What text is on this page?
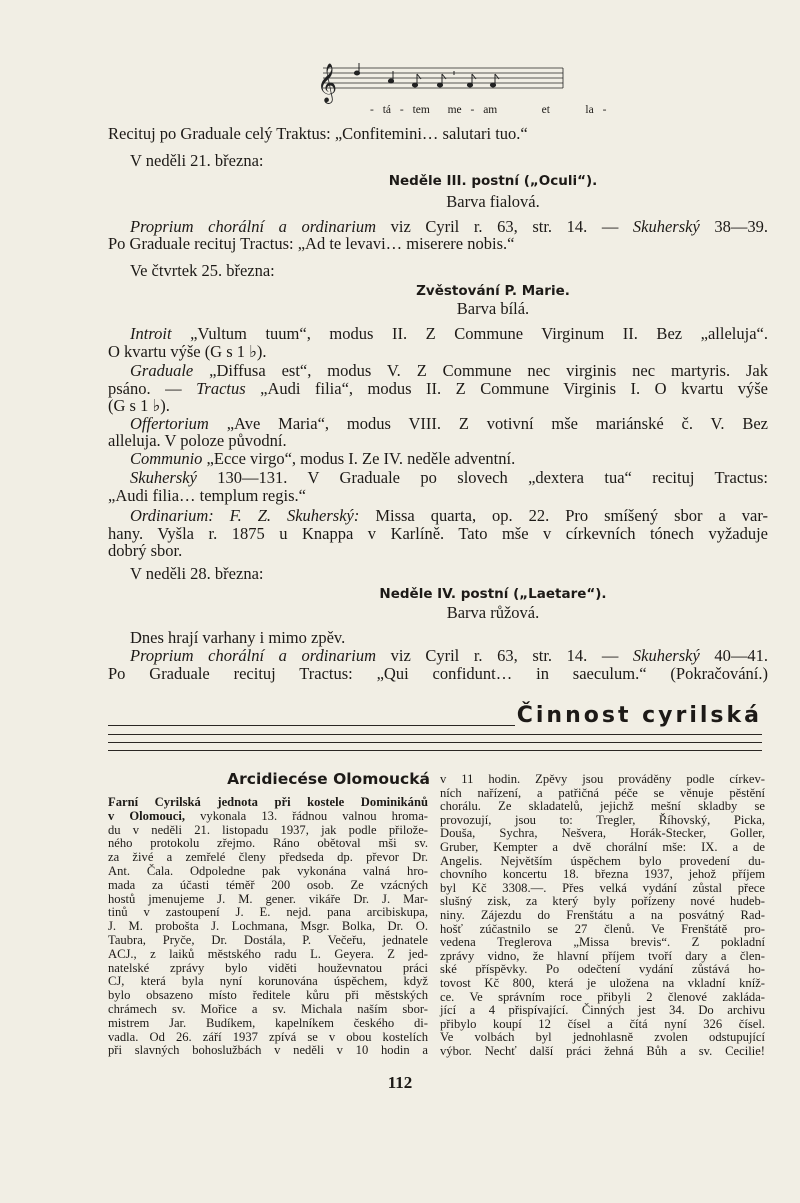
𝄞
- tá - tem  me - am     et    la -
Recituj po Graduale celý Traktus: „Confitemini… salutari tuo.“
V neděli 21. března:
Neděle III. postní („Oculi“).
Barva fialová.
Proprium chorální a ordinarium viz Cyril r. 63, str. 14. — Skuherský 38—39.
Po Graduale recituj Tractus: „Ad te levavi… miserere nobis.“
Ve čtvrtek 25. března:
Zvěstování P. Marie.
Barva bílá.
Introit „Vultum tuum“, modus II. Z Commune Virginum II. Bez „alleluja“.
O kvartu výše (G s 1 ♭).
Graduale „Diffusa est“, modus V. Z Commune nec virginis nec martyris. Jak
psáno. — Tractus „Audi filia“, modus II. Z Commune Virginis I. O kvartu výše
(G s 1 ♭).
Offertorium „Ave Maria“, modus VIII. Z votivní mše mariánské č. V. Bez
alleluja. V poloze původní.
Communio „Ecce virgo“, modus I. Ze IV. neděle adventní.
Skuherský 130—131. V Graduale po slovech „dextera tua“ recituj Tractus:
„Audi filia… templum regis.“
Ordinarium: F. Z. Skuherský: Missa quarta, op. 22. Pro smíšený sbor a var-
hany. Vyšla r. 1875 u Knappa v Karlíně. Tato mše v církevních tónech vyžaduje
dobrý sbor.
V neděli 28. března:
Neděle IV. postní („Laetare“).
Barva růžová.
Dnes hrají varhany i mimo zpěv.
Proprium chorální a ordinarium viz Cyril r. 63, str. 14. — Skuherský 40—41.
Po Graduale recituj Tractus: „Qui confidunt… in saeculum.“ (Pokračování.)
Činnost cyrilská
Arcidiecése Olomoucká
Farní Cyrilská jednota při kostele Dominikánů
v Olomouci, vykonala 13. řádnou valnou hroma-
du v neděli 21. listopadu 1937, jak podle přilože-
ného protokolu zřejmo. Ráno obětoval mši sv.
za živé a zemřelé členy předseda dp. převor Dr.
Ant. Čala. Odpoledne pak vykonána valná hro-
mada za účasti téměř 200 osob. Ze vzácných
hostů jmenujeme J. M. gener. vikáře Dr. J. Mar-
tinů v zastoupení J. E. nejd. pana arcibiskupa,
J. M. probošta J. Lochmana, Msgr. Bolka, Dr. O.
Taubra, Pryče, Dr. Dostála, P. Večeřu, jednatele
ACJ., z laiků městského radu L. Geyera. Z jed-
natelské zprávy bylo viděti houževnatou práci
CJ, která byla nyní korunována úspěchem, když
bylo obsazeno místo ředitele kůru při městských
chrámech sv. Mořice a sv. Michala naším sbor-
mistrem Jar. Budíkem, kapelníkem českého di-
vadla. Od 26. září 1937 zpívá se v obou kostelích
při slavných bohoslužbách v neděli v 10 hodin a
v 11 hodin. Zpěvy jsou prováděny podle církev-
ních nařízení, a patřičná péče se věnuje pěstění
chorálu. Ze skladatelů, jejichž mešní skladby se
provozují, jsou to: Tregler, Říhovský, Picka,
Douša, Sychra, Nešvera, Horák-Stecker, Goller,
Gruber, Kempter a dvě chorální mše: IX. a de
Angelis. Největším úspěchem bylo provedení du-
chovního koncertu 18. března 1937, jehož příjem
byl Kč 3308.—. Přes velká vydání zůstal přece
slušný zisk, za který byly pořízeny nové hudeb-
niny. Zájezdu do Frenštátu a na posvátný Rad-
hošť zúčastnilo se 27 členů. Ve Frenštátě pro-
vedena Treglerova „Missa brevis“. Z pokladní
zprávy vidno, že hlavní příjem tvoří dary a člen-
ské příspěvky. Po odečtení vydání zůstává ho-
tovost Kč 800, která je uložena na vkladní kníž-
ce. Ve správním roce přibyli 2 členové zakláda-
jící a 4 přispívající. Činných jest 34. Do archivu
přibylo koupí 12 čísel a čítá nyní 326 čísel.
Ve volbách byl jednohlasně zvolen odstupující
výbor. Nechť další práci žehná Bůh a sv. Cecilie!
112
